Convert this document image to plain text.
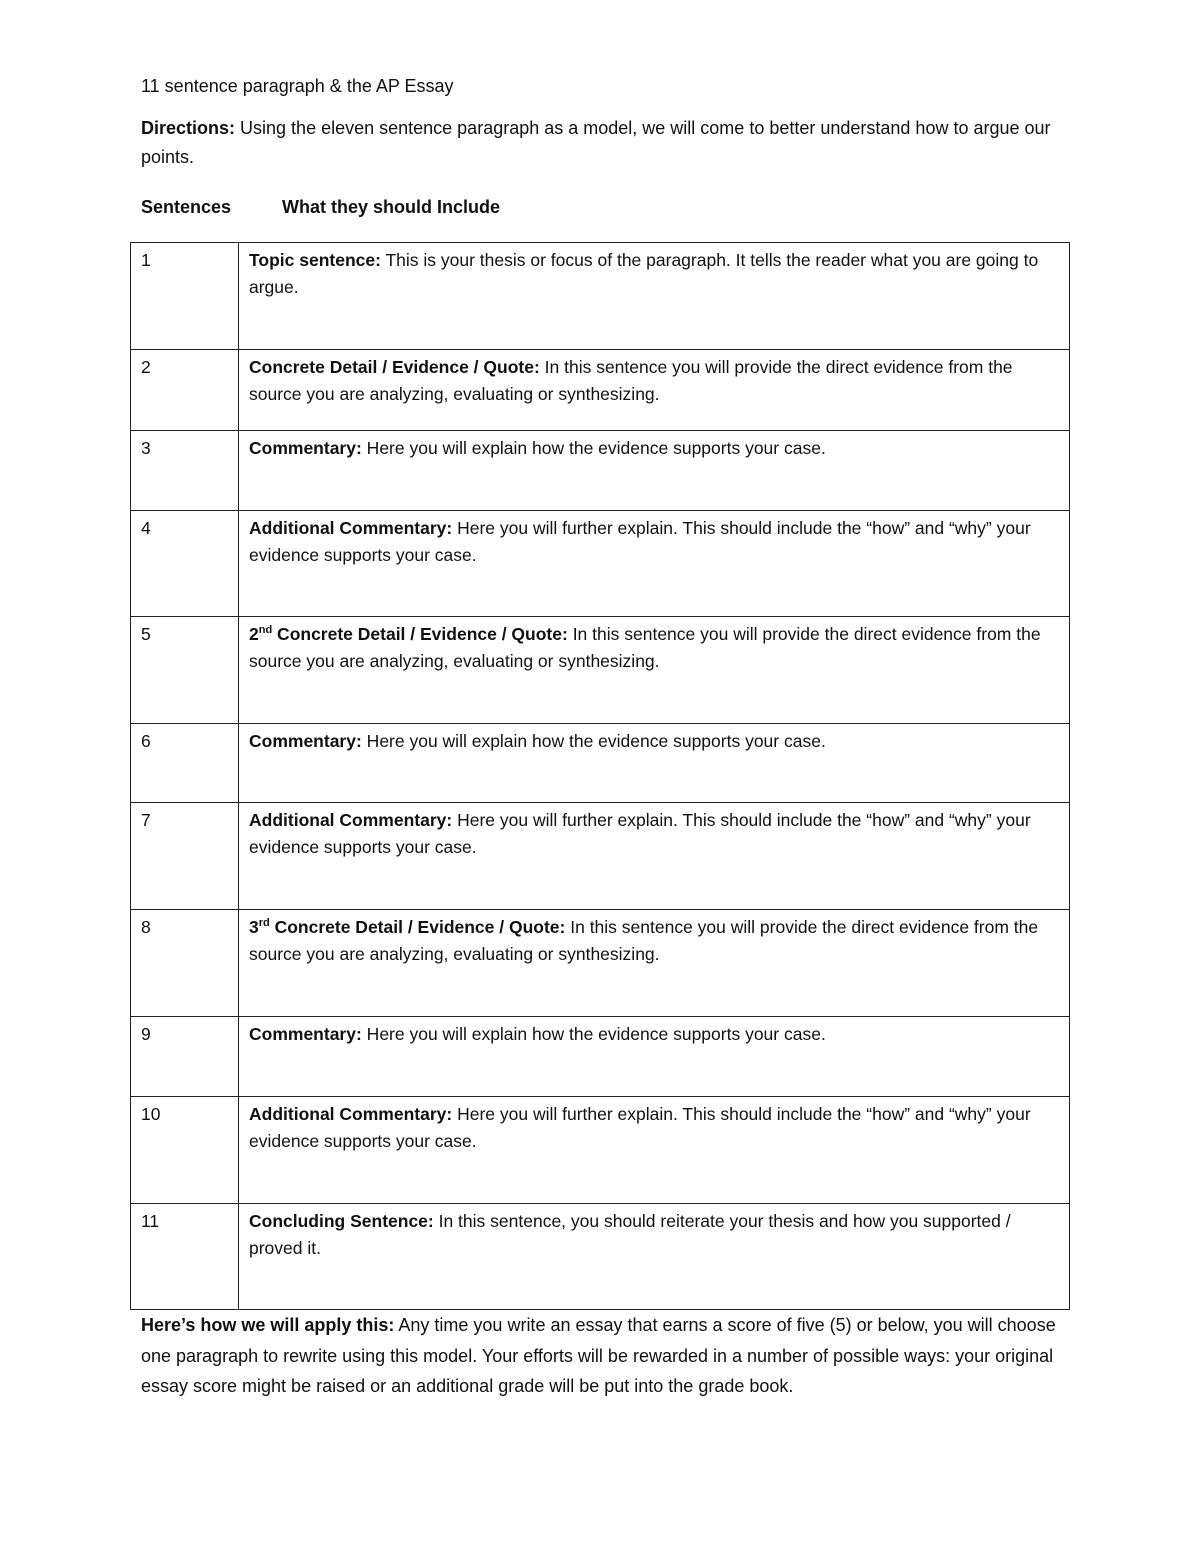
11 sentence paragraph & the AP Essay
Directions: Using the eleven sentence paragraph as a model, we will come to better understand how to argue our points.
Sentences	What they should Include
1	Topic sentence: This is your thesis or focus of the paragraph. It tells the reader what you are going to argue.
2	Concrete Detail / Evidence / Quote: In this sentence you will provide the direct evidence from the source you are analyzing, evaluating or synthesizing.
3	Commentary: Here you will explain how the evidence supports your case.
4	Additional Commentary: Here you will further explain. This should include the “how” and “why” your evidence supports your case.
5	2nd Concrete Detail / Evidence / Quote: In this sentence you will provide the direct evidence from the source you are analyzing, evaluating or synthesizing.
6	Commentary: Here you will explain how the evidence supports your case.
7	Additional Commentary: Here you will further explain. This should include the “how” and “why” your evidence supports your case.
8	3rd Concrete Detail / Evidence / Quote: In this sentence you will provide the direct evidence from the source you are analyzing, evaluating or synthesizing.
9	Commentary: Here you will explain how the evidence supports your case.
10	Additional Commentary: Here you will further explain. This should include the “how” and “why” your evidence supports your case.
11	Concluding Sentence: In this sentence, you should reiterate your thesis and how you supported / proved it.
Here’s how we will apply this: Any time you write an essay that earns a score of five (5) or below, you will choose one paragraph to rewrite using this model. Your efforts will be rewarded in a number of possible ways: your original essay score might be raised or an additional grade will be put into the grade book.
